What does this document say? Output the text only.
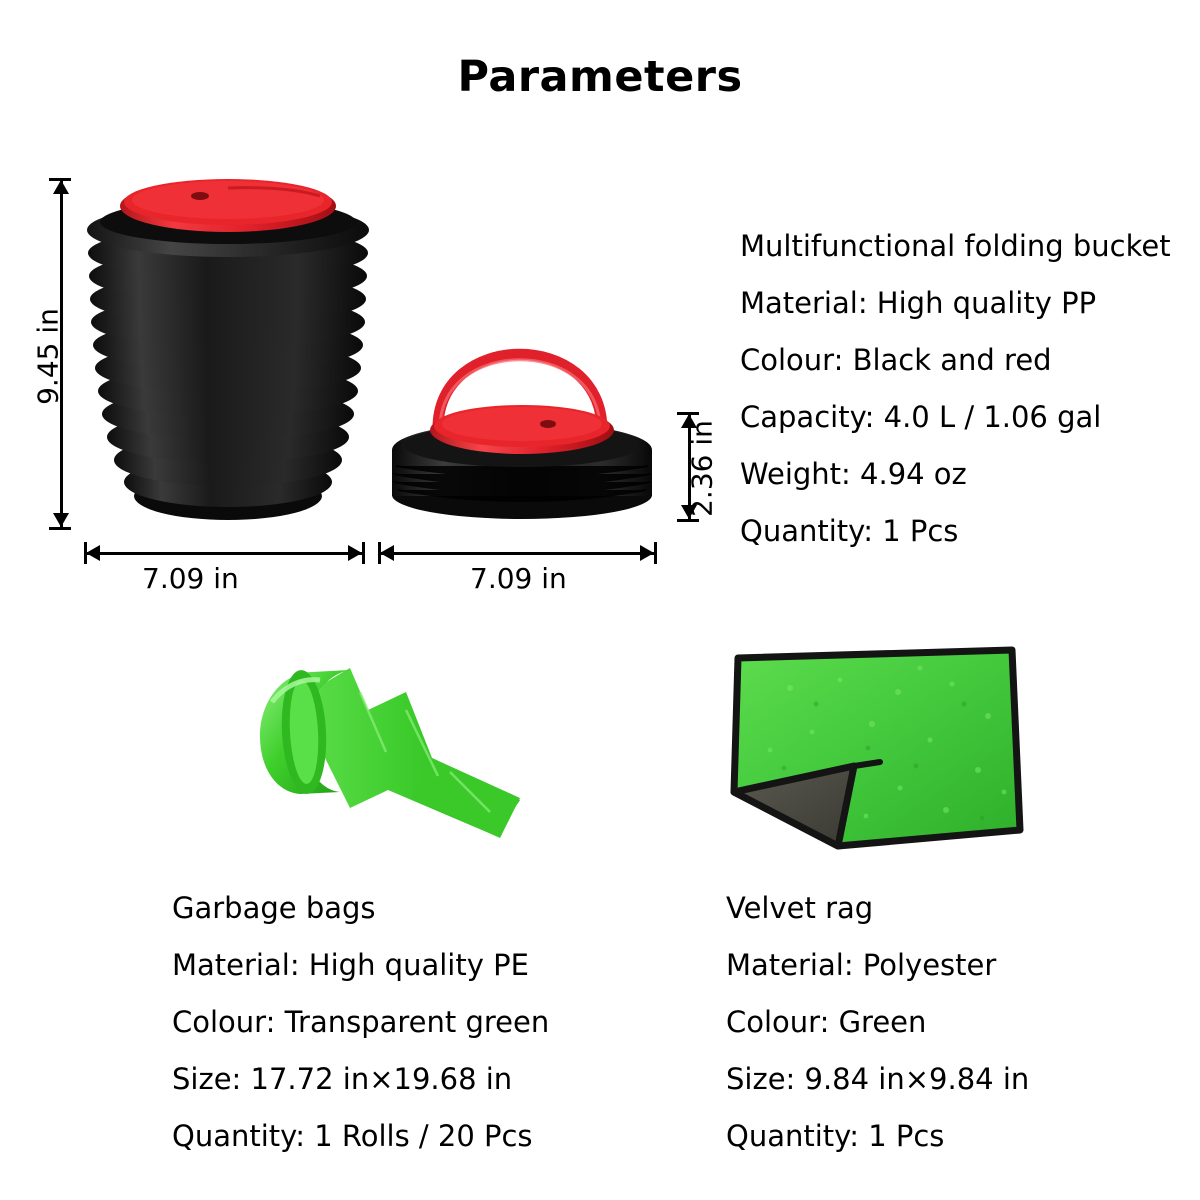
Parameters
9.45 in
7.09 in	7.09 in
2.36 in
Multifunctional folding bucket
Material: High quality PP
Colour: Black and red
Capacity: 4.0 L / 1.06 gal
Weight: 4.94 oz
Quantity: 1 Pcs
Garbage bags
Material: High quality PE
Colour: Transparent green
Size: 17.72 in×19.68 in
Quantity: 1 Rolls / 20 Pcs
Velvet rag
Material: Polyester
Colour: Green
Size: 9.84 in×9.84 in
Quantity: 1 Pcs
